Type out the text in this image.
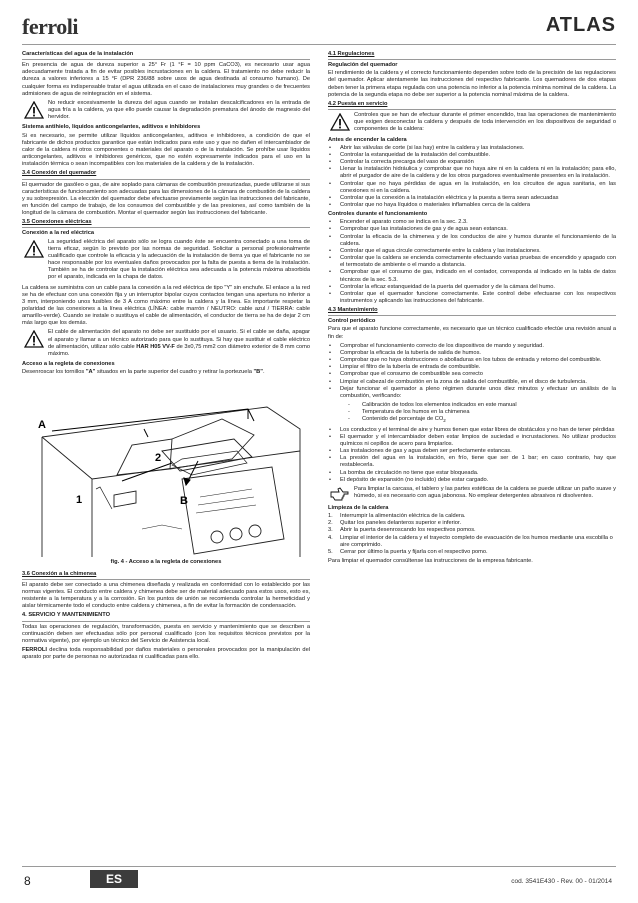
ferroli	ATLAS
Características del agua de la instalación

En presencia de agua de dureza superior a 25° Fr (1 °F = 10 ppm CaCO3), es necesario usar agua adecuadamente tratada a fin de evitar posibles incrustaciones en la caldera. El tratamiento no debe reducir la dureza a valores inferiores a 15 °F (DPR 236/88 sobre usos de agua destinada al consumo humano). De cualquier forma es indispensable tratar el agua utilizada en el caso de instalaciones muy grandes o de frecuentes admisiones de agua de reintegración en el sistema.

No reducir excesivamente la dureza del agua cuando se instalan descalcificadores en la entrada de agua fría a la caldera, ya que ello puede causar la degradación prematura del ánodo de magnesio del hervidor.
Sistema antihielo, líquidos anticongelantes, aditivos e inhibidores

Si es necesario, se permite utilizar líquidos anticongelantes, aditivos e inhibidores, a condición de que el fabricante de dichos productos garantice que están indicados para este uso y que no dañen el intercambiador de calor de la caldera ni otros componentes o materiales del aparato o de la instalación. Se prohíbe usar líquidos anticongelantes, aditivos e inhibidores genéricos, que no estén expresamente indicados para el uso en la instalación térmica o sean incompatibles con los materiales de la caldera y de la instalación.

3.4 Conexión del quemador

El quemador de gasóleo o gas, de aire soplado para cámaras de combustión presurizadas, puede utilizarse si sus características de funcionamiento son adecuadas para las dimensiones de la cámara de combustión de la caldera y su sobrepresión. La elección del quemador debe efectuarse previamente según las instrucciones del fabricante, en función del campo de trabajo, de los consumos del combustible y de las presiones, así como también de la longitud de la cámara de combustión. Montar el quemador según las instrucciones del fabricante.

3.5 Conexiones eléctricas
Conexión a la red eléctrica
La seguridad eléctrica del aparato sólo se logra cuando éste se encuentra conectado a una toma de tierra eficaz, según lo previsto por las normas de seguridad. Solicitar a personal profesionalmente cualificado que controle la eficacia y la adecuación de la instalación de tierra ya que el fabricante no se hace responsable por los eventuales daños provocados por la falta de puesta a tierra de la instalación. También se ha de controlar que la instalación eléctrica sea adecuada a la potencia máxima absorbida por el aparato, indicada en la chapa de datos.

La caldera se suministra con un cable para la conexión a la red eléctrica de tipo "Y" sin enchufe. El enlace a la red se ha de efectuar con una conexión fija y un interruptor bipolar cuyos contactos tengan una apertura no inferior a 3 mm, interponiendo unos fusibles de 3 A como máximo entre la caldera y la línea. Es importante respetar la polaridad de las conexiones a la línea eléctrica (LÍNEA: cable marrón / NEUTRO: cable azul / TIERRA: cable amarillo-verde). Cuando se instale o sustituya el cable de alimentación, el conductor de tierra se ha de dejar 2 cm más largo que los demás.

El cable de alimentación del aparato no debe ser sustituido por el usuario. Si el cable se daña, apagar el aparato y llamar a un técnico autorizado para que lo sustituya. Si hay que sustituir el cable eléctrico de alimentación, utilizar sólo cable HAR H05 VV-F de 3x0,75 mm2 con diámetro exterior de 8 mm como máximo.
Acceso a la regleta de conexiones

Desenroscar los tornillos "A" situados en la parte superior del cuadro y retirar la portezuela "B".

A
B
1
2
fig. 4 - Acceso a la regleta de conexiones
3.6 Conexión a la chimenea

El aparato debe ser conectado a una chimenea diseñada y realizada en conformidad con lo establecido por las normas vigentes. El conducto entre caldera y chimenea debe ser de material adecuado para estos usos, esto es, resistente a la temperatura y a la corrosión. En los puntos de unión se recomienda controlar la hermeticidad y aislar térmicamente todo el conducto entre caldera y chimenea, a fin de evitar la formación de condensación.

4. SERVICIO Y MANTENIMIENTO

Todas las operaciones de regulación, transformación, puesta en servicio y mantenimiento que se describen a continuación deben ser efectuadas sólo por personal cualificado (con los requisitos técnicos previstos por la normativa vigente), por ejemplo un técnico del Servicio de Asistencia local.

FERROLI declina toda responsabilidad por daños materiales o personales provocados por la manipulación del aparato por parte de personas no autorizadas ni cualificadas para ello.

4.1 Regulaciones
Regulación del quemador

El rendimiento de la caldera y el correcto funcionamiento dependen sobre todo de la precisión de las regulaciones del quemador. Aplicar atentamente las instrucciones del respectivo fabricante. Los quemadores de dos etapas deben tener la primera etapa regulada con una potencia no inferior a la potencia mínima nominal de la caldera. La potencia de la segunda etapa no debe ser superior a la potencia nominal máxima de la caldera.

4.2 Puesta en servicio
Controles que se han de efectuar durante el primer encendido, tras las operaciones de mantenimiento que exigen desconectar la caldera y después de toda intervención en los dispositivos de seguridad o componentes de la caldera:
Antes de encender la caldera
• Abrir las válvulas de corte (si las hay) entre la caldera y las instalaciones.
• Controlar la estanqueidad de la instalación del combustible.
• Controlar la correcta precarga del vaso de expansión
• Llenar la instalación hidráulica y comprobar que no haya aire ni en la caldera ni en la instalación; para ello, abrir el purgador de aire de la caldera y de los otros purgadores eventualmente presentes en la instalación.
• Controlar que no haya pérdidas de agua en la instalación, en los circuitos de agua sanitaria, en las conexiones ni en la caldera.
• Controlar que la conexión a la instalación eléctrica y la puesta a tierra sean adecuadas
• Controlar que no haya líquidos o materiales inflamables cerca de la caldera
Controles durante el funcionamiento
• Encender el aparato como se indica en la sec. 2.3.
• Comprobar que las instalaciones de gas y de agua sean estancas.
• Controlar la eficacia de la chimenea y de los conductos de aire y humos durante el funcionamiento de la caldera.
• Controlar que el agua circule correctamente entre la caldera y las instalaciones.
• Controlar que la caldera se encienda correctamente efectuando varias pruebas de encendido y apagado con el termostato de ambiente o el mando a distancia.
• Comprobar que el consumo de gas, indicado en el contador, corresponda al indicado en la tabla de datos técnicos de la sec. 5.3.
• Controlar la eficaz estanqueidad de la puerta del quemador y de la cámara del humo.
• Controlar que el quemador funcione correctamente. Este control debe efectuarse con los respectivos instrumentos y aplicando las instrucciones del fabricante.
4.3 Mantenimiento
Control periódico

Para que el aparato funcione correctamente, es necesario que un técnico cualificado efectúe una revisión anual a fin de:

• Comprobar el funcionamiento correcto de los dispositivos de mando y seguridad.
• Comprobar la eficacia de la tubería de salida de humos.
• Comprobar que no haya obstrucciones o abolladuras en los tubos de entrada y retorno del combustible.
• Limpiar el filtro de la tubería de entrada de combustible.
• Comprobar que el consumo de combustible sea correcto
• Limpiar el cabezal de combustión en la zona de salida del combustible, en el disco de turbulencia.
• Dejar funcionar el quemador a pleno régimen durante unos diez minutos y efectuar un análisis de la combustión, verificando:
- Calibración de todos los elementos indicados en este manual
- Temperatura de los humos en la chimenea
- Contenido del porcentaje de $CO_2$
• Los conductos y el terminal de aire y humos tienen que estar libres de obstáculos y no han de tener pérdidas
• El quemador y el intercambiador deben estar limpios de suciedad e incrustaciones. No utilizar productos químicos ni cepillos de acero para limpiarlos.
• Las instalaciones de gas y agua deben ser perfectamente estancas.
• La presión del agua en la instalación, en frío, tiene que ser de 1 bar; en caso contrario, hay que restablecerla.
• La bomba de circulación no tiene que estar bloqueada.
• El depósito de expansión (no incluido) debe estar cargado.
Para limpiar la carcasa, el tablero y las partes estéticas de la caldera se puede utilizar un paño suave y húmedo, si es necesario con agua jabonosa. No emplear detergentes abrasivos ni disolventes.
Limpieza de la caldera
1. Interrumpir la alimentación eléctrica de la caldera.
2. Quitar los paneles delanteros superior e inferior.
3. Abrir la puerta desenroscando los respectivos pomos.
4. Limpiar el interior de la caldera y el trayecto completo de evacuación de los humos mediante una escobilla o aire comprimido.
5. Cerrar por último la puerta y fijarla con el respectivo pomo.

Para limpiar el quemador consúltense las instrucciones de la empresa fabricante.

8	ES	cod. 3541E430 - Rev. 00 - 01/2014
